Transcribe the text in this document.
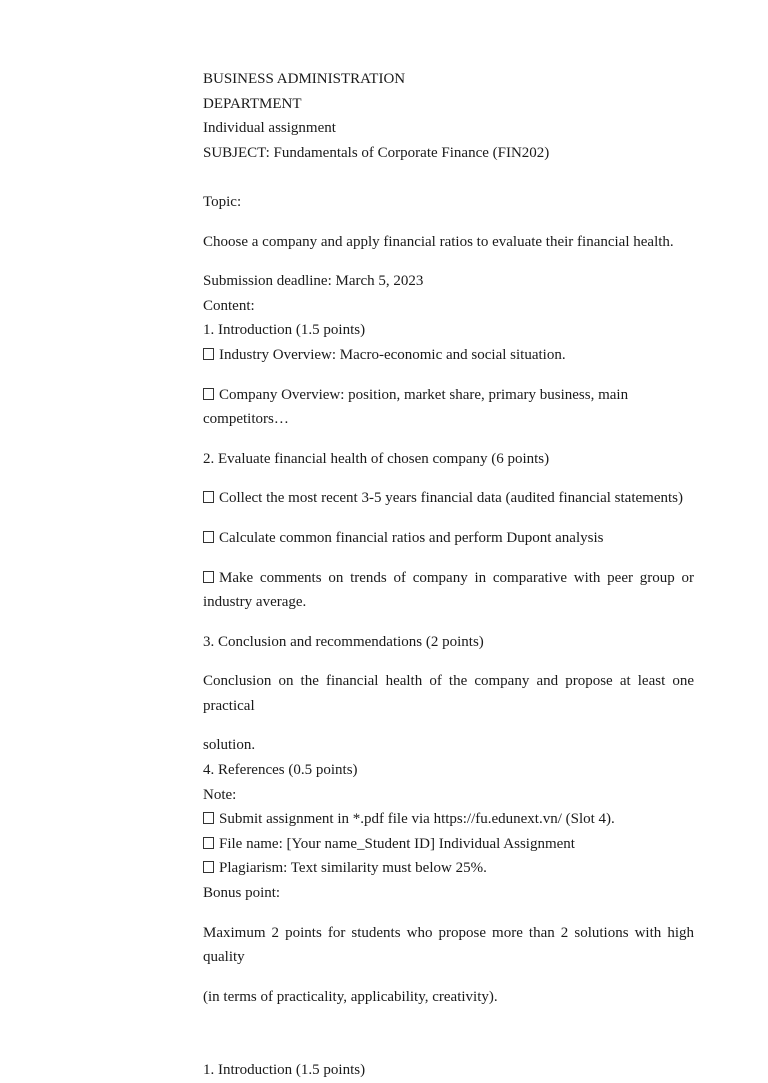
BUSINESS ADMINISTRATION

DEPARTMENT

Individual assignment

SUBJECT: Fundamentals of Corporate Finance (FIN202)

Topic:

Choose a company and apply financial ratios to evaluate their financial health.

Submission deadline: March 5, 2023

Content:

1. Introduction (1.5 points)

Industry Overview: Macro-economic and social situation.

Company Overview: position, market share, primary business, main competitors…

2. Evaluate financial health of chosen company (6 points)

Collect the most recent 3-5 years financial data (audited financial statements)

Calculate common financial ratios and perform Dupont analysis

Make comments on trends of company in comparative with peer group or industry average.

3. Conclusion and recommendations (2 points)

Conclusion on the financial health of the company and propose at least one practical

solution.

4. References (0.5 points)

Note:

Submit assignment in *.pdf file via https://fu.edunext.vn/ (Slot 4).

File name: [Your name_Student ID] Individual Assignment

Plagiarism: Text similarity must below 25%.

Bonus point:

Maximum 2 points for students who propose more than 2 solutions with high quality

(in terms of practicality, applicability, creativity).

1. Introduction (1.5 points)
